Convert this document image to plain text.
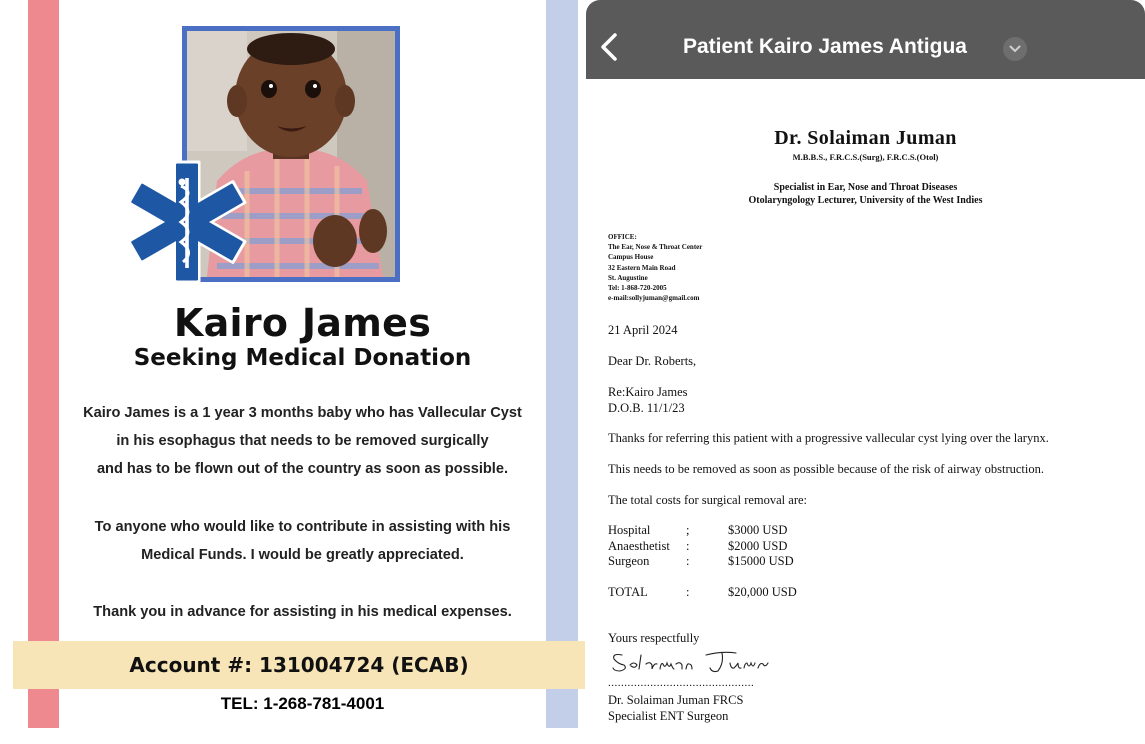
Kairo James
Seeking Medical Donation

Kairo James is a 1 year 3 months baby who has Vallecular Cyst

in his esophagus that needs to be removed surgically

and has to be flown out of the country as soon as possible.

To anyone who would like to contribute in assisting with his

Medical Funds. I would be greatly appreciated.

Thank you in advance for assisting in his medical expenses.

Account #: 131004724 (ECAB)

TEL: 1-268-781-4001

Patient Kairo James Antigua

Dr. Solaiman Juman

M.B.B.S., F.R.C.S.(Surg), F.R.C.S.(Otol)

Specialist in Ear, Nose and Throat Diseases

Otolaryngology Lecturer, University of the West Indies

OFFICE:
The Ear, Nose & Throat Center
Campus House
32 Eastern Main Road
St. Augustine
Tel: 1-868-720-2005
e-mail:sollyjuman@gmail.com

21 April 2024

Dear Dr. Roberts,

Re:Kairo James

D.O.B. 11/1/23

Thanks for referring this patient with a progressive vallecular cyst lying over the larynx.

This needs to be removed as soon as possible because of the risk of airway obstruction.

The total costs for surgical removal are:

Hospital	;	$3000 USD
Anaesthetist	:	$2000 USD
Surgeon	:	$15000 USD
TOTAL	:	$20,000 USD

Yours respectfully

.............................................

Dr. Solaiman Juman FRCS

Specialist ENT Surgeon
